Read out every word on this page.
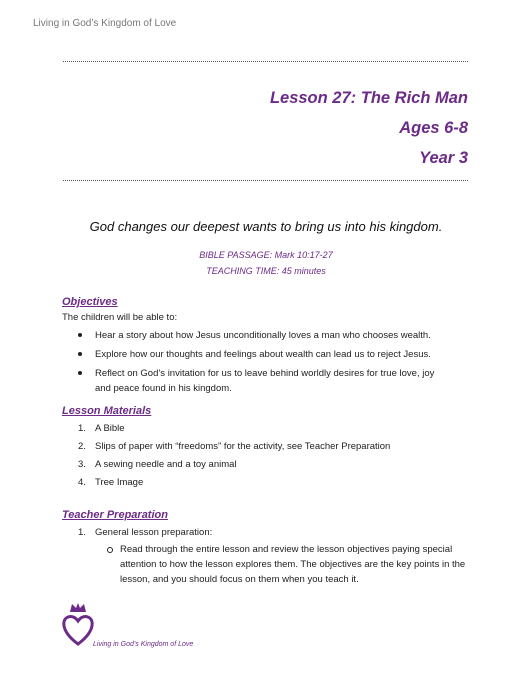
Living in God’s Kingdom of Love
Lesson 27: The Rich Man
Ages 6-8
Year 3
God changes our deepest wants to bring us into his kingdom.
BIBLE PASSAGE: Mark 10:17-27
TEACHING TIME: 45 minutes
Objectives
The children will be able to:
Hear a story about how Jesus unconditionally loves a man who chooses wealth.
Explore how our thoughts and feelings about wealth can lead us to reject Jesus.
Reflect on God’s invitation for us to leave behind worldly desires for true love, joy and peace found in his kingdom.
Lesson Materials
1. A Bible
2. Slips of paper with “freedoms” for the activity, see Teacher Preparation
3. A sewing needle and a toy animal
4. Tree Image
Teacher Preparation
1. General lesson preparation:
Read through the entire lesson and review the lesson objectives paying special attention to how the lesson explores them. The objectives are the key points in the lesson, and you should focus on them when you teach it.
Living in God’s Kingdom of Love
